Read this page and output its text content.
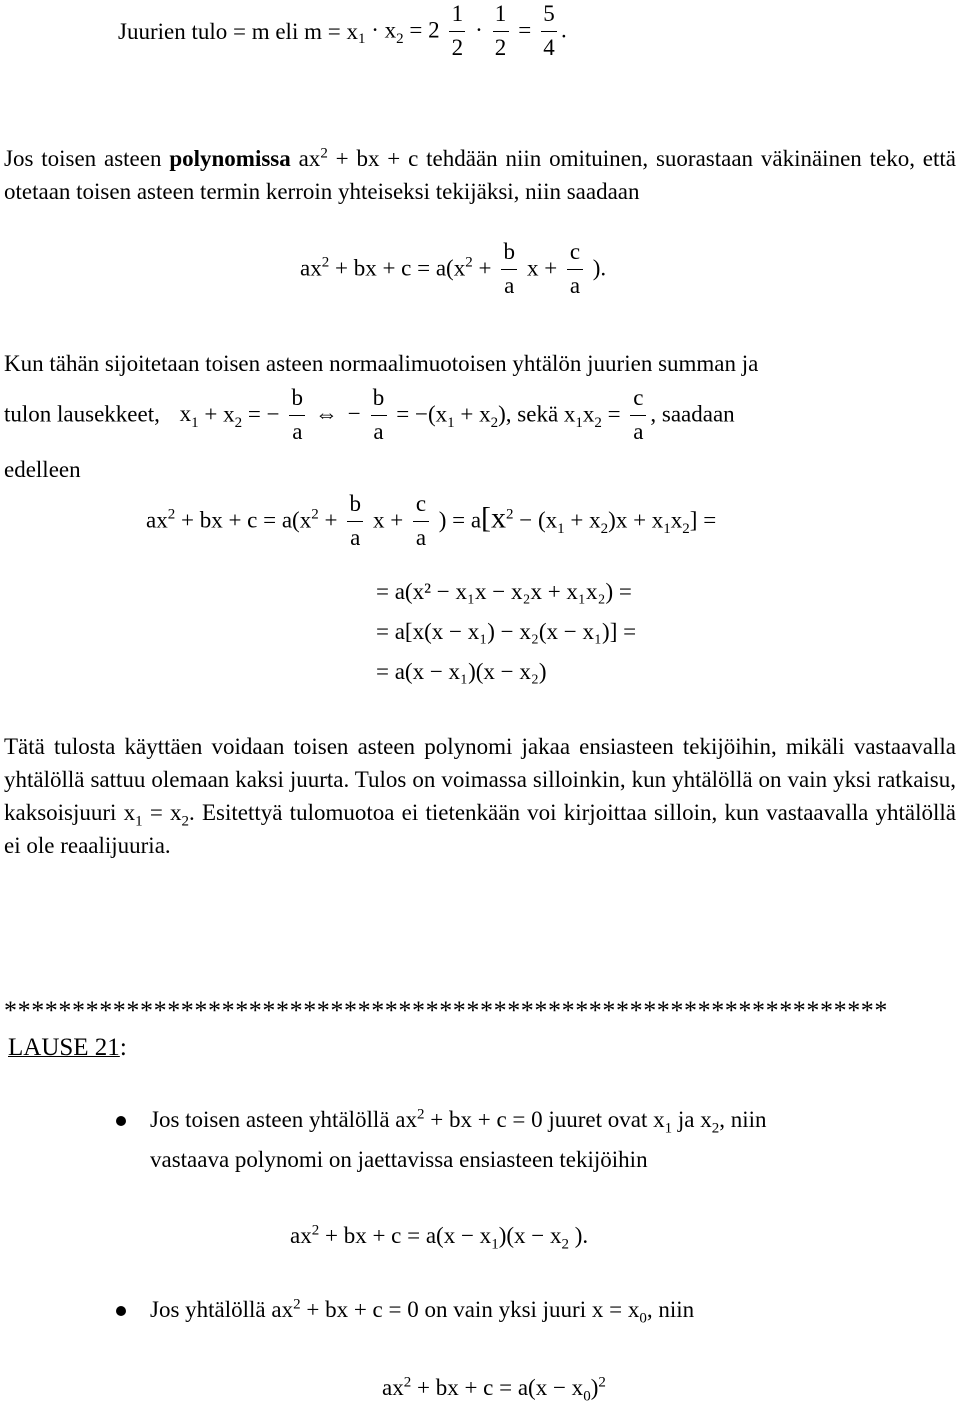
Juurien tulo = m eli $m = x_1 \cdot x_2 = 2 \frac{1}{2} \cdot \frac{1}{2} = \frac{5}{4}$ .
Jos toisen asteen polynomissa $ax^2$ + bx + c tehdään niin omituinen, suorastaan väkinäinen teko, että otetaan toisen asteen termin kerroin yhteiseksi tekijäksi, niin saadaan
$ax^2$ + bx + $c = a(x^2 + \frac{b}{a}$ $x + \frac{c}{a}$ ).
Kun tähän sijoitetaan toisen asteen normaalimuotoisen yhtälön juurien summan ja
tulon lausekkeet, $x_1 + x_2$ = − $\frac{b}{a}$ ⇔ − $\frac{b}{a} = -(x_1 + x_2)$, sekä $x_1x_2 = \frac{c}{a}$ , saadaan
edelleen
$ax^2$ + bx + $c = a(x^2 + \frac{b}{a}$ $x + \frac{c}{a}$ ) = $a[x^2 - (x_1 + x_2)x + x_1x_2]$ =
= a(x² − x₁x − x₂x + x₁x₂) =
= a[x(x − x₁) − x₂(x − x₁)] =
= a(x − x₁)(x − x₂)
Tätä tulosta käyttäen voidaan toisen asteen polynomi jakaa ensiasteen tekijöihin, mikäli vastaavalla yhtälöllä sattuu olemaan kaksi juurta. Tulos on voimassa silloinkin, kun yhtälöllä on vain yksi ratkaisu, kaksoisjuuri $x_1 = x_2$. Esitettyä tulomuotoa ei tietenkään voi kirjoittaa silloin, kun vastaavalla yhtälöllä ei ole reaalijuuria.
*****************************************************************
LAUSE 21:
Jos toisen asteen yhtälöllä $ax^2$ + bx + c = 0 juuret ovat $x_1$ ja $x_2$, niin
vastaava polynomi on jaettavissa ensiasteen tekijöihin
$ax^2$ + bx + $c = a(x - x_1)(x - x_2$ ).
Jos yhtälöllä $ax^2$ + bx + c = 0 on vain yksi juuri $x = x_0$, niin
$ax^2$ + bx + $c = a(x - x_0)^2$
